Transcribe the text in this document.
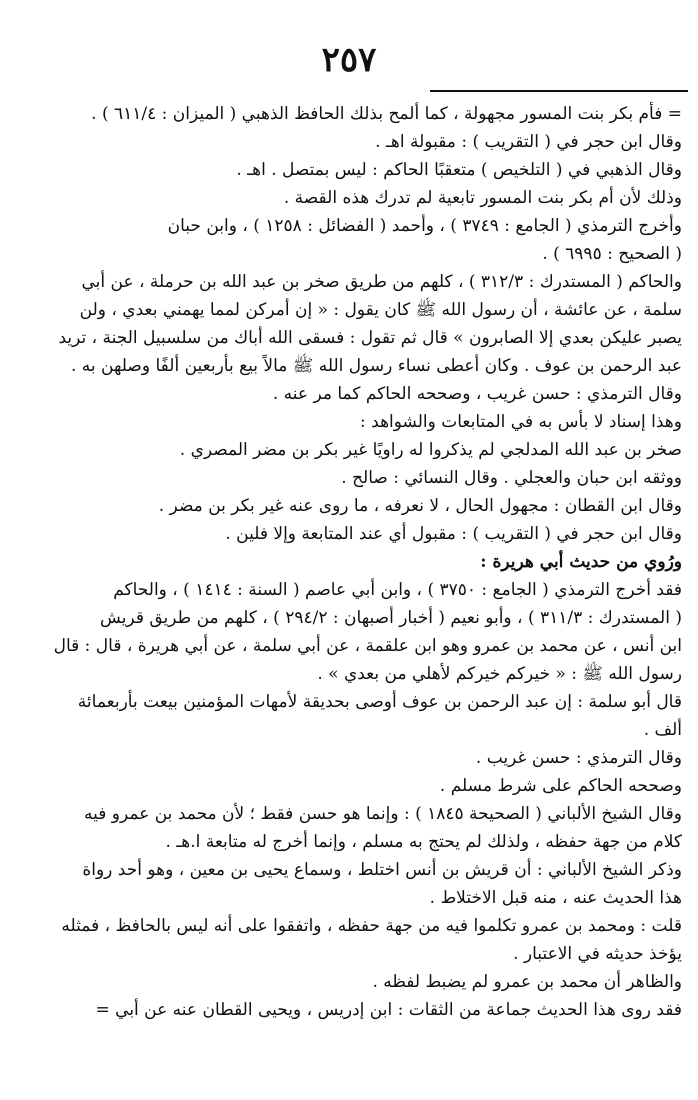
٢٥٧
= فأم بكر بنت المسور مجهولة ، كما ألمح بذلك الحافظ الذهبي ( الميزان : ٦١١/٤ ) .
وقال ابن حجر في ( التقريب ) : مقبولة اهـ .
وقال الذهبي في ( التلخيص ) متعقبًا الحاكم : ليس بمتصل . اهـ .
وذلك لأن أم بكر بنت المسور تابعية لم تدرك هذه القصة .
وأخرج الترمذي ( الجامع : ٣٧٤٩ ) ، وأحمد ( الفضائل : ١٢٥٨ ) ، وابن حبان
( الصحيح : ٦٩٩٥ ) .
والحاكم ( المستدرك : ٣١٢/٣ ) ، كلهم من طريق صخر بن عبد الله بن حرملة ، عن أبي
سلمة ، عن عائشة ، أن رسول الله ﷺ كان يقول : « إن أمركن لمما يهمني بعدي ، ولن
يصبر عليكن بعدي إلا الصابرون » قال ثم تقول : فسقى الله أباك من سلسبيل الجنة ، تريد
عبد الرحمن بن عوف . وكان أعطى نساء رسول الله ﷺ مالاً بيع بأربعين ألفًا وصلهن به .
وقال الترمذي : حسن غريب ، وصححه الحاكم كما مر عنه .
وهذا إسناد لا بأس به في المتابعات والشواهد :
صخر بن عبد الله المدلجي لم يذكروا له راويًا غير بكر بن مضر المصري .
ووثقه ابن حبان والعجلي . وقال النسائي : صالح .
وقال ابن القطان : مجهول الحال ، لا نعرفه ، ما روى عنه غير بكر بن مضر .
وقال ابن حجر في ( التقريب ) : مقبول أي عند المتابعة وإلا فلين .
ورُوي من حديث أبي هريرة :
فقد أخرج الترمذي ( الجامع : ٣٧٥٠ ) ، وابن أبي عاصم ( السنة : ١٤١٤ ) ، والحاكم
( المستدرك : ٣١١/٣ ) ، وأبو نعيم ( أخبار أصبهان : ٢٩٤/٢ ) ، كلهم من طريق قريش
ابن أنس ، عن محمد بن عمرو وهو ابن علقمة ، عن أبي سلمة ، عن أبي هريرة ، قال : قال
رسول الله ﷺ : « خيركم خيركم لأهلي من بعدي » .
قال أبو سلمة : إن عبد الرحمن بن عوف أوصى بحديقة لأمهات المؤمنين بيعت بأربعمائة
ألف .
وقال الترمذي : حسن غريب .
وصححه الحاكم على شرط مسلم .
وقال الشيخ الألباني ( الصحيحة ١٨٤٥ ) : وإنما هو حسن فقط ؛ لأن محمد بن عمرو فيه
كلام من جهة حفظه ، ولذلك لم يحتج به مسلم ، وإنما أخرج له متابعة ا.هـ .
وذكر الشيخ الألباني : أن قريش بن أنس اختلط ، وسماع يحيى بن معين ، وهو أحد رواة
هذا الحديث عنه ، منه قبل الاختلاط .
قلت : ومحمد بن عمرو تكلموا فيه من جهة حفظه ، واتفقوا على أنه ليس بالحافظ ، فمثله
يؤخذ حديثه في الاعتبار .
والظاهر أن محمد بن عمرو لم يضبط لفظه .
فقد روى هذا الحديث جماعة من الثقات : ابن إدريس ، ويحيى القطان عنه عن أبي =
